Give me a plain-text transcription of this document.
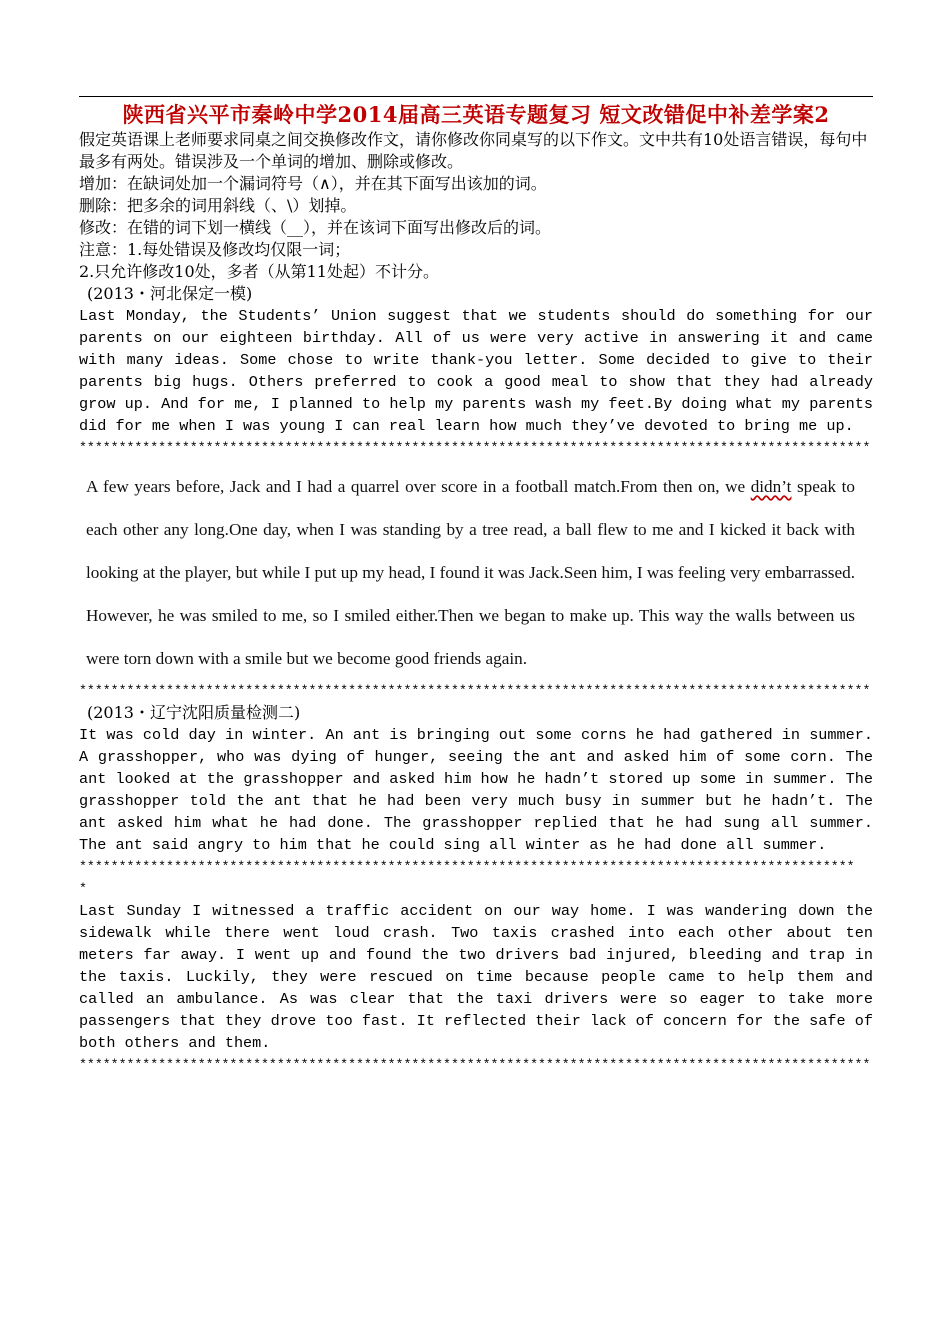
陕西省兴平市秦岭中学2014届高三英语专题复习 短文改错促中补差学案2

假定英语课上老师要求同桌之间交换修改作文，请你修改你同桌写的以下作文。文中共有10处语言错误，每句中最多有两处。错误涉及一个单词的增加、删除或修改。

增加：在缺词处加一个漏词符号（∧），并在其下面写出该加的词。

删除：把多余的词用斜线（、\）划掉。

修改：在错的词下划一横线（__），并在该词下面写出修改后的词。

注意：1.每处错误及修改均仅限一词；

2.只允许修改10处，多者（从第11处起）不计分。

(2013・河北保定一模)

Last Monday, the Students’ Union suggest that we students should do something for our parents on our eighteen birthday. All of us were very active in answering it and came with many ideas. Some chose to write thank-you letter. Some decided to give to their parents big hugs. Others preferred to cook a good meal to show that they had already grow up. And for me, I planned to help my parents wash my feet.By doing what my parents did for me when I was young I can real learn how much they’ve devoted to bring me up.

****************************************************************************************************

A few years before, Jack and I had a quarrel over score in a football match.From then on, we didn’t speak to each other any long.One day, when I was standing by a tree read, a ball flew to me and I kicked it back with looking at the player, but while I put up my head, I found it was Jack.Seen him, I was feeling very embarrassed. However, he was smiled to me, so I smiled either.Then we began to make up. This way the walls between us were torn down with a smile but we become good friends again.

****************************************************************************************************

(2013・辽宁沈阳质量检测二)

It was cold day in winter. An ant is bringing out some corns he had gathered in summer. A grasshopper, who was dying of hunger, seeing the ant and asked him of some corn. The ant looked at the grasshopper and asked him how he hadn’t stored up some in summer. The grasshopper told the ant that he had been very much busy in summer but he hadn’t. The ant asked him what he had done. The grasshopper replied that he had sung all summer. The ant said angry to him that he could sing all winter as he had done all summer.

**************************************************************************************************
*

Last Sunday I witnessed a traffic accident on our way home. I was wandering down the sidewalk while there went loud crash. Two taxis crashed into each other about ten meters far away. I went up and found the two drivers bad injured, bleeding and trap in the taxis. Luckily, they were rescued on time because people came to help them and called an ambulance. As was clear that the taxi drivers were so eager to take more passengers that they drove too fast. It reflected their lack of concern for the safe of both others and them.

****************************************************************************************************
